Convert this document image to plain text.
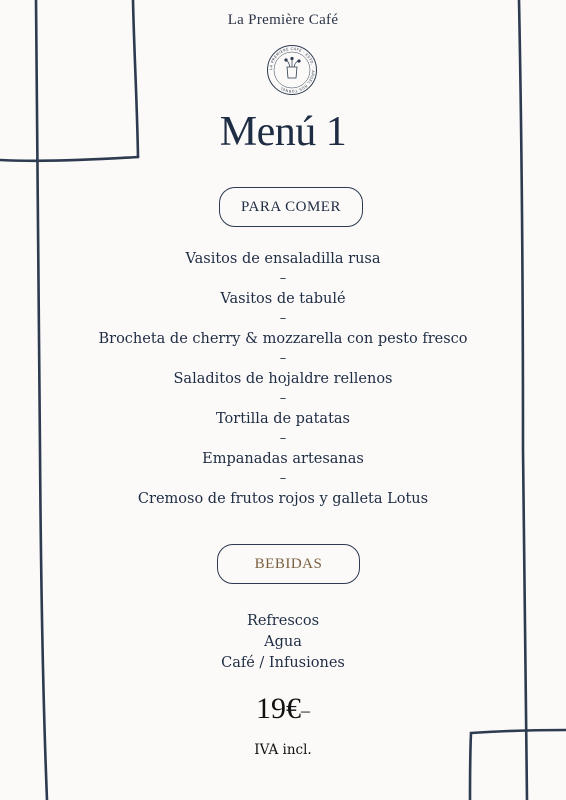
La Première Café
LA PREMIÈRE CAFÉ · ESTD. · ARGEL RUS TORNEL
Menú 1
PARA COMER
Vasitos de ensaladilla rusa
–
Vasitos de tabulé
–
Brocheta de cherry & mozzarella con pesto fresco
–
Saladitos de hojaldre rellenos
–
Tortilla de patatas
–
Empanadas artesanas
–
Cremoso de frutos rojos y galleta Lotus
BEBIDAS
Refrescos
Agua
Café / Infusiones
19€–
IVA incl.
